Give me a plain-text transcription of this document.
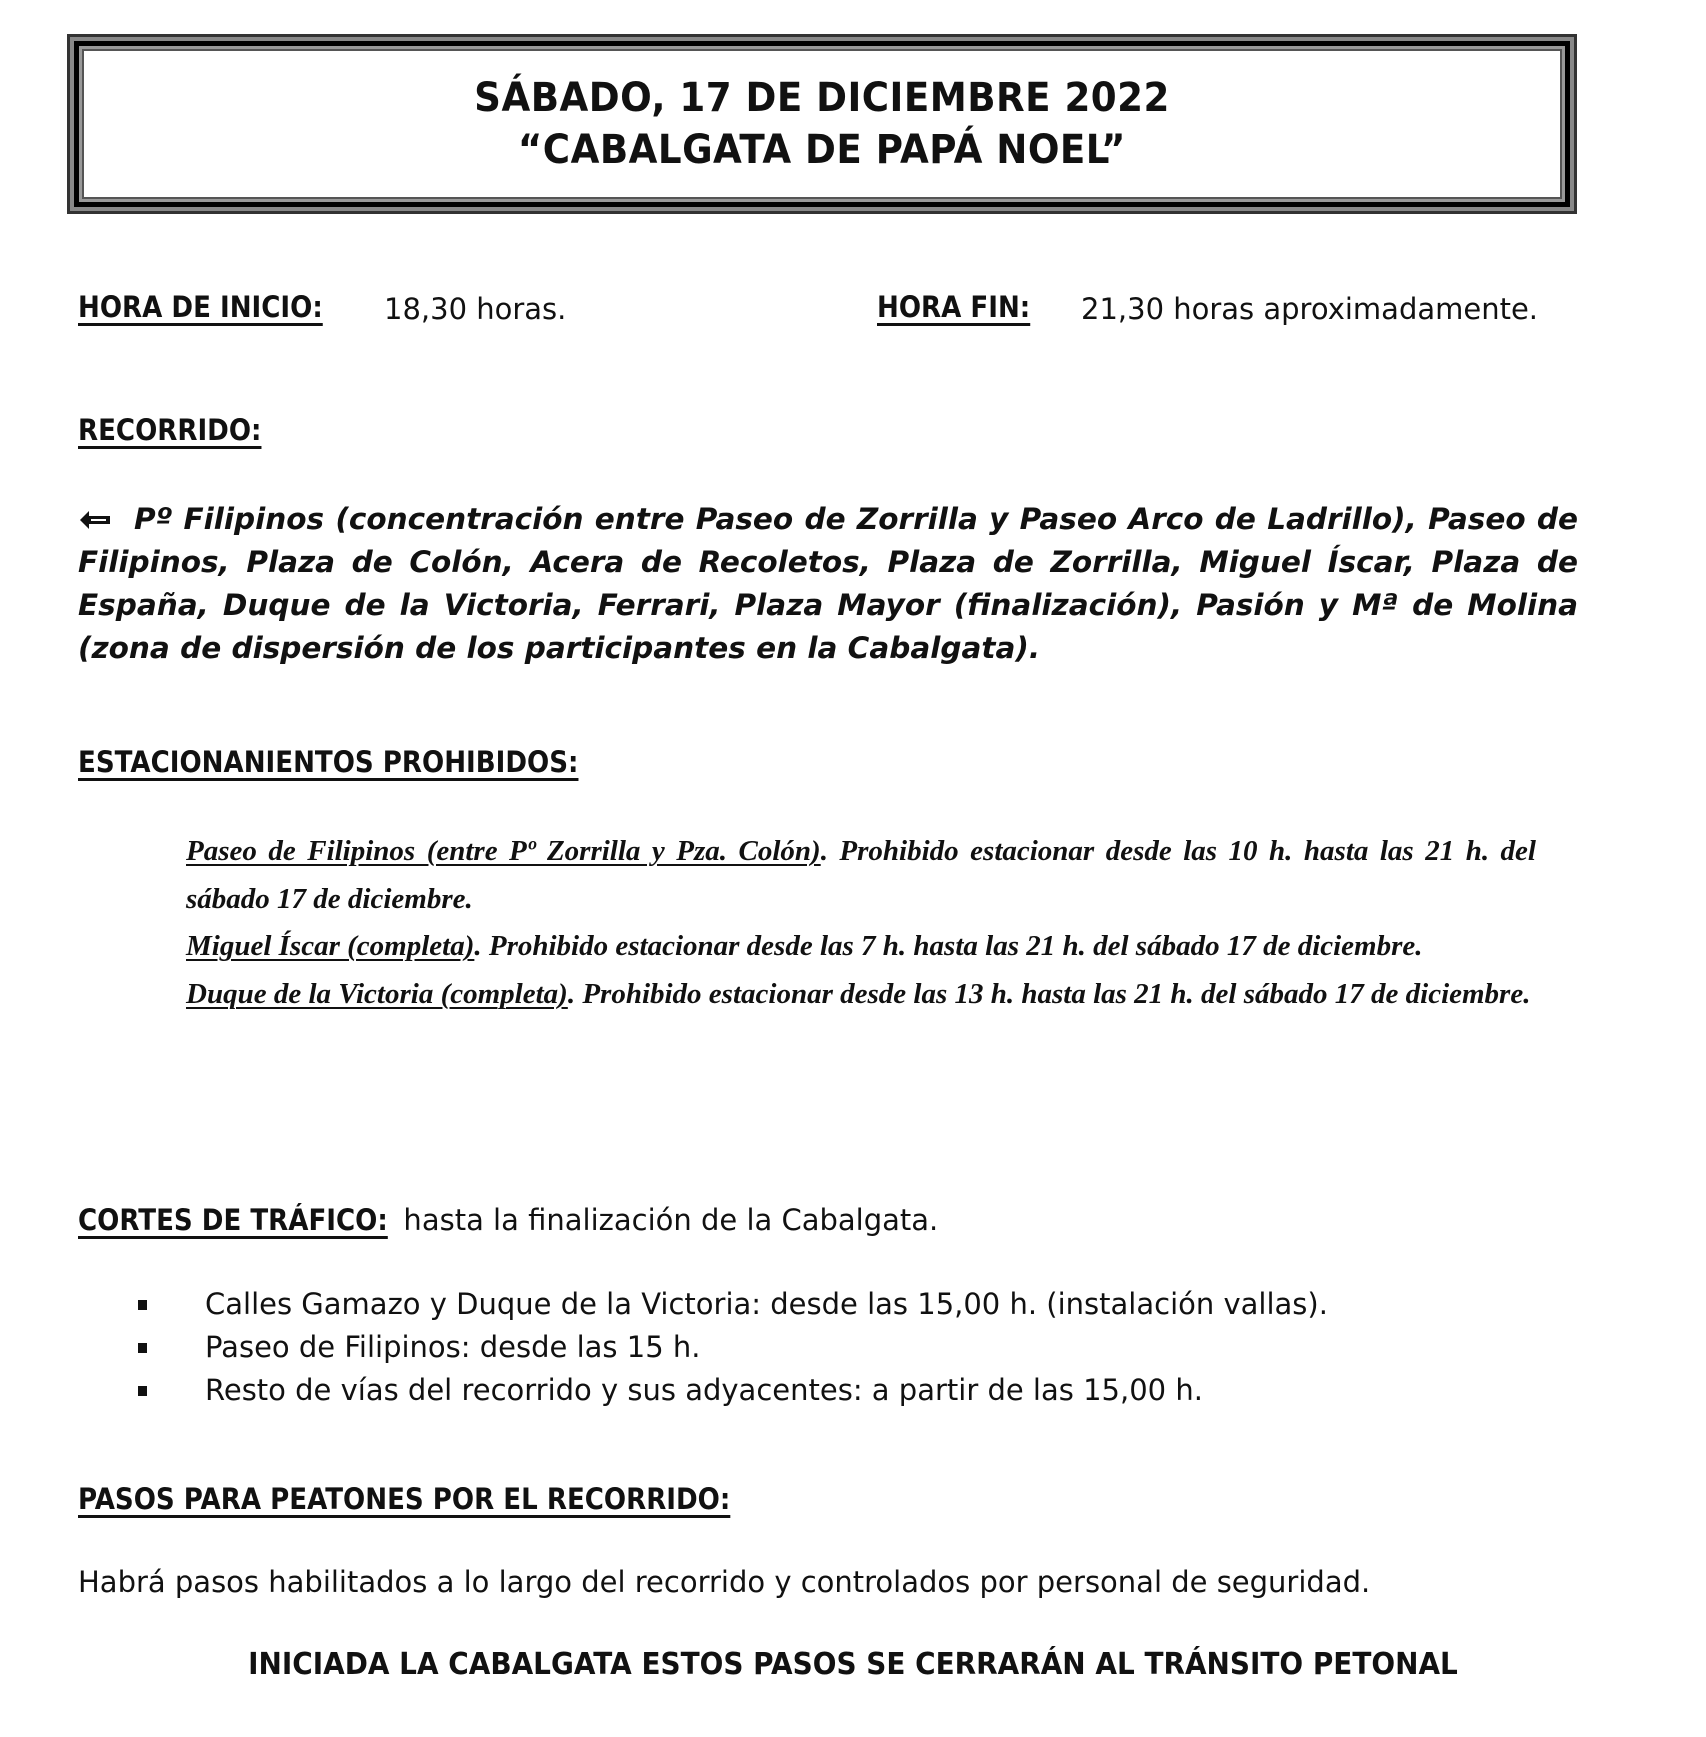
SÁBADO, 17 DE DICIEMBRE 2022
“CABALGATA DE PAPÁ NOEL”
HORA DE INICIO:	18,30 horas.	HORA FIN:	21,30 horas aproximadamente.
RECORRIDO:
Pº Filipinos (concentración entre Paseo de Zorrilla y Paseo Arco de Ladrillo), Paseo de Filipinos, Plaza de Colón, Acera de Recoletos, Plaza de Zorrilla, Miguel Íscar, Plaza de España, Duque de la Victoria, Ferrari, Plaza Mayor (finalización), Pasión y Mª de Molina (zona de dispersión de los participantes en la Cabalgata).
ESTACIONANIENTOS PROHIBIDOS:
Paseo de Filipinos (entre Pº Zorrilla y Pza. Colón). Prohibido estacionar desde las 10 h. hasta las 21 h. del sábado 17 de diciembre.
Miguel Íscar (completa). Prohibido estacionar desde las 7 h. hasta las 21 h. del sábado 17 de diciembre.
Duque de la Victoria (completa). Prohibido estacionar desde las 13 h. hasta las 21 h. del sábado 17 de diciembre.
CORTES DE TRÁFICO: hasta la finalización de la Cabalgata.
Calles Gamazo y Duque de la Victoria: desde las 15,00 h. (instalación vallas).
Paseo de Filipinos: desde las 15 h.
Resto de vías del recorrido y sus adyacentes: a partir de las 15,00 h.
PASOS PARA PEATONES POR EL RECORRIDO:
Habrá pasos habilitados a lo largo del recorrido y controlados por personal de seguridad.
INICIADA LA CABALGATA ESTOS PASOS SE CERRARÁN AL TRÁNSITO PETONAL
